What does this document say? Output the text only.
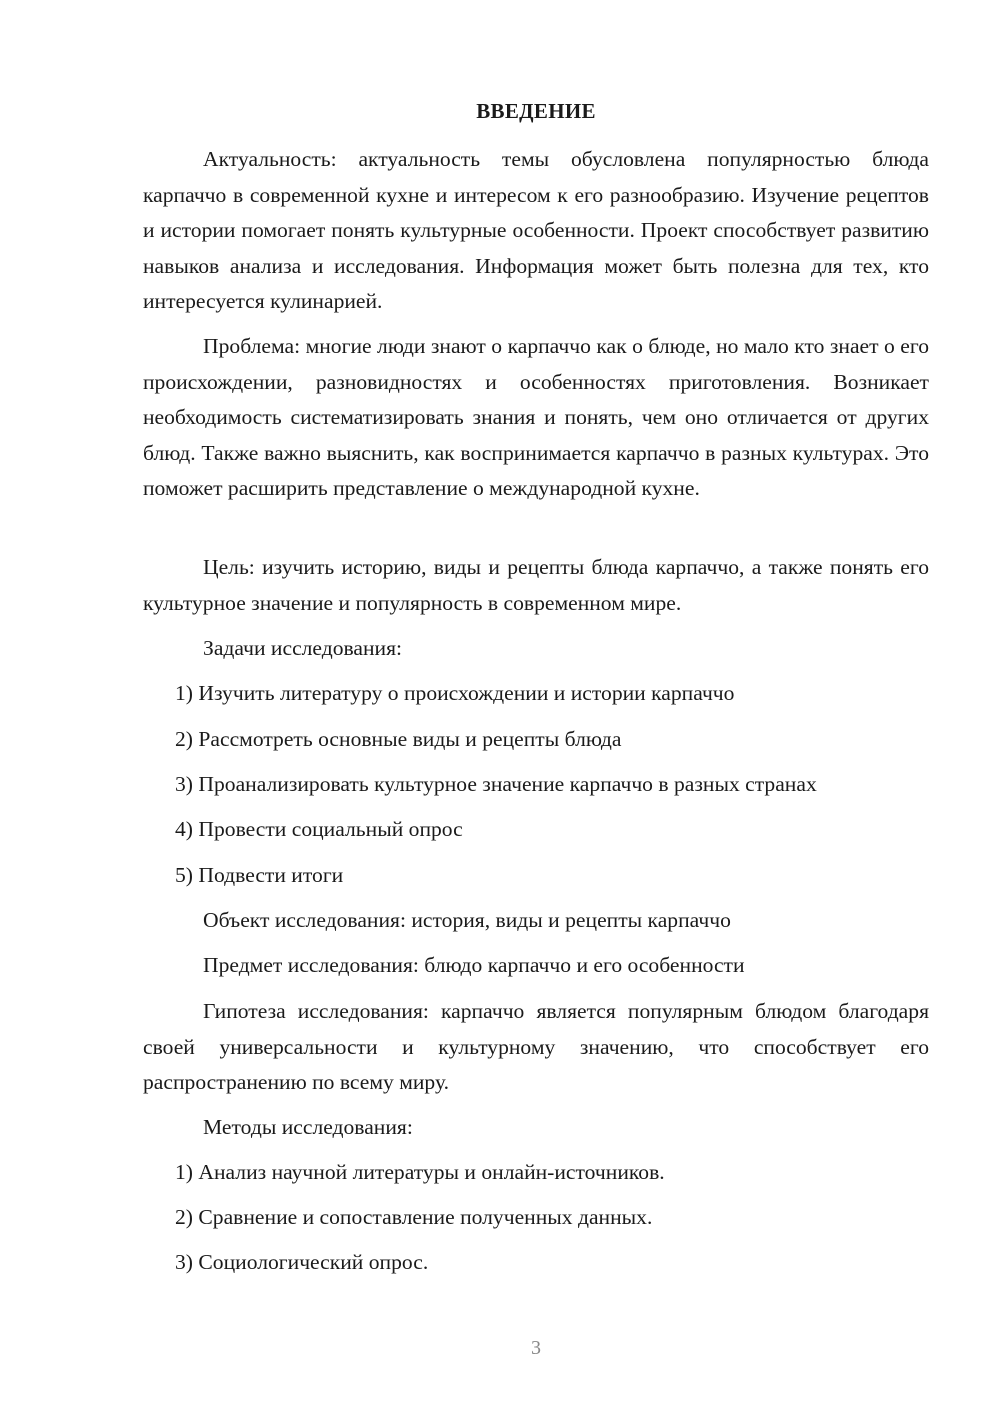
ВВЕДЕНИЕ

Актуальность: актуальность темы обусловлена популярностью блюда карпаччо в современной кухне и интересом к его разнообразию. Изучение рецептов и истории помогает понять культурные особенности. Проект способствует развитию навыков анализа и исследования. Информация может быть полезна для тех, кто интересуется кулинарией.

Проблема: многие люди знают о карпаччо как о блюде, но мало кто знает о его происхождении, разновидностях и особенностях приготовления. Возникает необходимость систематизировать знания и понять, чем оно отличается от других блюд. Также важно выяснить, как воспринимается карпаччо в разных культурах. Это поможет расширить представление о международной кухне.

Цель: изучить историю, виды и рецепты блюда карпаччо, а также понять его культурное значение и популярность в современном мире.

Задачи исследования:
1) Изучить литературу о происхождении и истории карпаччо
2) Рассмотреть основные виды и рецепты блюда
3) Проанализировать культурное значение карпаччо в разных странах
4) Провести социальный опрос
5) Подвести итоги
Объект исследования: история, виды и рецепты карпаччо
Предмет исследования: блюдо карпаччо и его особенности

Гипотеза исследования: карпаччо является популярным блюдом благодаря своей универсальности и культурному значению, что способствует его распространению по всему миру.

Методы исследования:
1) Анализ научной литературы и онлайн-источников.
2) Сравнение и сопоставление полученных данных.
3) Социологический опрос.
3
